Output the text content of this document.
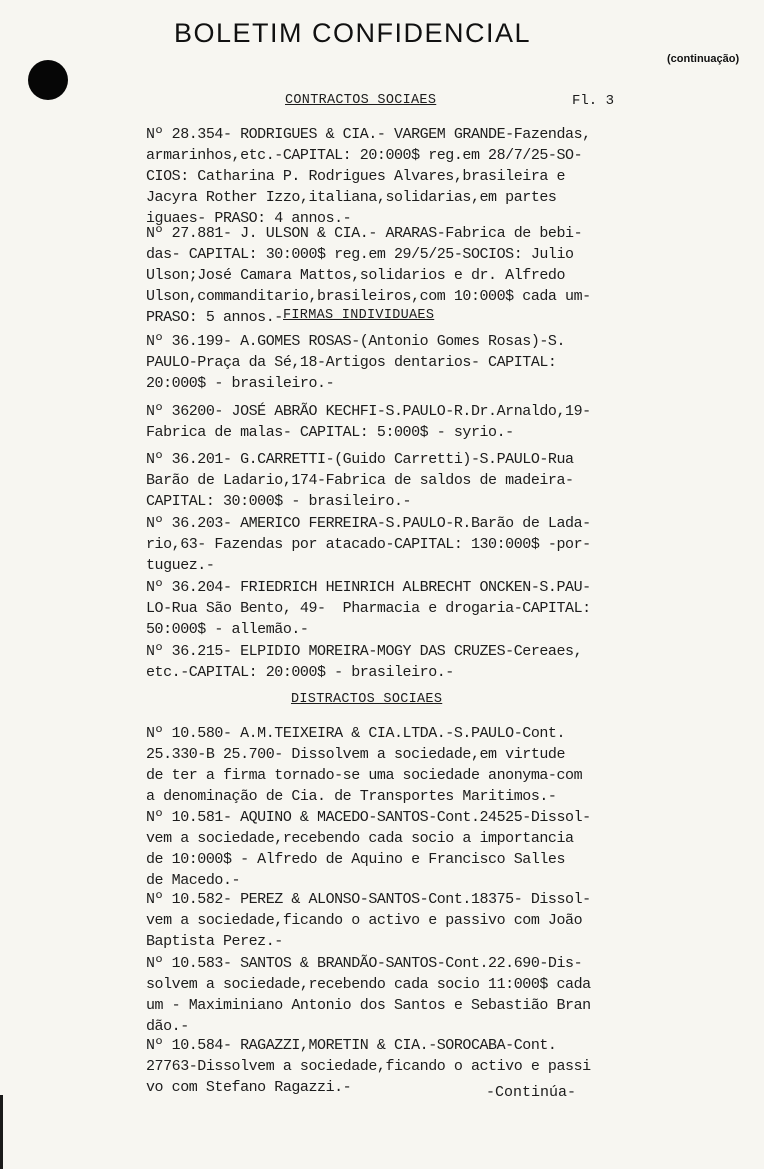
BOLETIM CONFIDENCIAL
(continuação)
CONTRACTOS SOCIAES	Fl. 3
Nº 28.354- RODRIGUES & CIA.- VARGEM GRANDE-Fazendas,
armarinhos,etc.-CAPITAL: 20:000$ reg.em 28/7/25-SO-
CIOS: Catharina P. Rodrigues Alvares,brasileira e
Jacyra Rother Izzo,italiana,solidarias,em partes
iguaes- PRASO: 4 annos.-
Nº 27.881- J. ULSON & CIA.- ARARAS-Fabrica de bebi-
das- CAPITAL: 30:000$ reg.em 29/5/25-SOCIOS: Julio
Ulson;José Camara Mattos,solidarios e dr. Alfredo
Ulson,commanditario,brasileiros,com 10:000$ cada um-
PRASO: 5 annos.- FIRMAS INDIVIDUAES
Nº 36.199- A.GOMES ROSAS-(Antonio Gomes Rosas)-S.
PAULO-Praça da Sé,18-Artigos dentarios- CAPITAL:
20:000$ - brasileiro.-
Nº 36200- JOSÉ ABRÃO KECHFI-S.PAULO-R.Dr.Arnaldo,19-
Fabrica de malas- CAPITAL: 5:000$ - syrio.-
Nº 36.201- G.CARRETTI-(Guido Carretti)-S.PAULO-Rua
Barão de Ladario,174-Fabrica de saldos de madeira-
CAPITAL: 30:000$ - brasileiro.-
Nº 36.203- AMERICO FERREIRA-S.PAULO-R.Barão de Lada-
rio,63- Fazendas por atacado-CAPITAL: 130:000$ -por-
tuguez.-
Nº 36.204- FRIEDRICH HEINRICH ALBRECHT ONCKEN-S.PAU-
LO-Rua São Bento, 49-  Pharmacia e drogaria-CAPITAL:
50:000$ - allemão.-
Nº 36.215- ELPIDIO MOREIRA-MOGY DAS CRUZES-Cereaes,
etc.-CAPITAL: 20:000$ - brasileiro.-
DISTRACTOS SOCIAES
Nº 10.580- A.M.TEIXEIRA & CIA.LTDA.-S.PAULO-Cont.
25.330-B 25.700- Dissolvem a sociedade,em virtude
de ter a firma tornado-se uma sociedade anonyma-com
a denominação de Cia. de Transportes Maritimos.-
Nº 10.581- AQUINO & MACEDO-SANTOS-Cont.24525-Dissol-
vem a sociedade,recebendo cada socio a importancia
de 10:000$ - Alfredo de Aquino e Francisco Salles
de Macedo.-
Nº 10.582- PEREZ & ALONSO-SANTOS-Cont.18375- Dissol-
vem a sociedade,ficando o activo e passivo com João
Baptista Perez.-
Nº 10.583- SANTOS & BRANDÃO-SANTOS-Cont.22.690-Dis-
solvem a sociedade,recebendo cada socio 11:000$ cada
um - Maximiniano Antonio dos Santos e Sebastião Bran
dão.-
Nº 10.584- RAGAZZI,MORETIN & CIA.-SOROCABA-Cont.
27763-Dissolvem a sociedade,ficando o activo e passi
vo com Stefano Ragazzi.-	-Continúa-
